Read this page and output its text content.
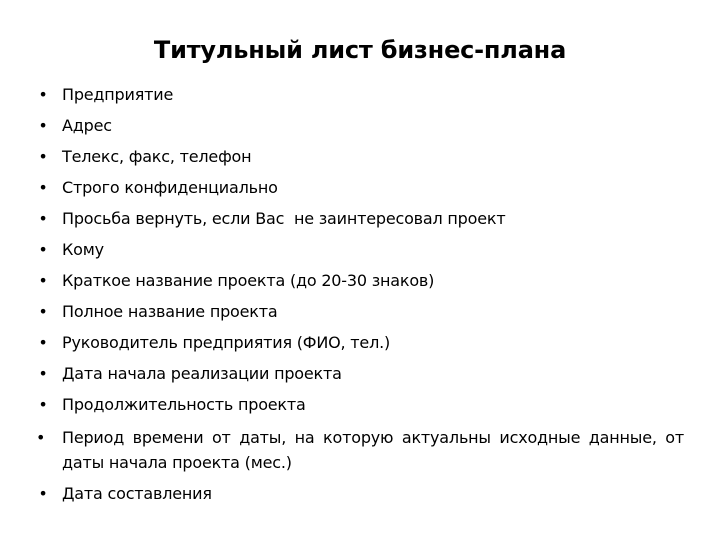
Титульный лист бизнес-плана
• Предприятие
• Адрес
• Телекс, факс, телефон
• Строго конфиденциально
• Просьба вернуть, если Вас  не заинтересовал проект
• Кому
• Краткое название проекта (до 20-30 знаков)
• Полное название проекта
• Руководитель предприятия (ФИО, тел.)
• Дата начала реализации проекта
• Продолжительность проекта
• Период времени от даты, на которую актуальны исходные данные, от даты начала проекта (мес.)
• Дата составления
